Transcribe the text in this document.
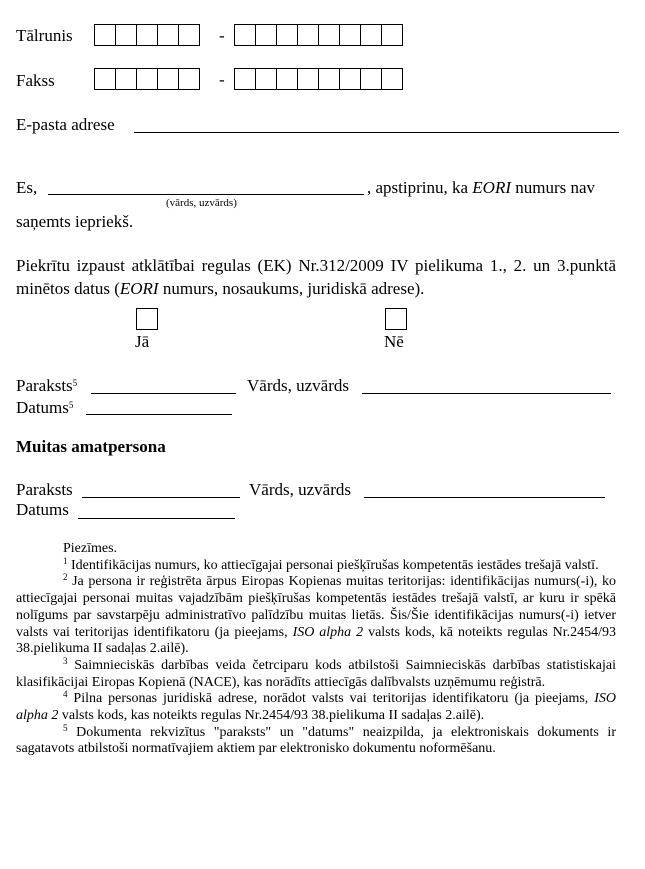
Tālrunis	-
Fakss	-
E-pasta adrese
Es,
(vārds, uzvārds)
, apstiprinu, ka EORI numurs nav
saņemts iepriekš.
Piekrītu izpaust atklātībai regulas (EK) Nr.312/2009 IV pielikuma 1., 2. un 3.punktā minētos datus (EORI numurs, nosaukums, juridiskā adrese).
Jā	Nē
Paraksts$^5$	Vārds, uzvārds
Datums$^5$
Muitas amatpersona
Paraksts	Vārds, uzvārds
Datums

Piezīmes.

$^1$ Identifikācijas numurs, ko attiecīgajai personai piešķīrušas kompetentās iestādes trešajā valstī.

$^2$ Ja persona ir reģistrēta ārpus Eiropas Kopienas muitas teritorijas: identifikācijas numurs(-i), ko attiecīgajai personai muitas vajadzībām piešķīrušas kompetentās iestādes trešajā valstī, ar kuru ir spēkā nolīgums par savstarpēju administratīvo palīdzību muitas lietās. Šis/Šie identifikācijas numurs(-i) ietver valsts vai teritorijas identifikatoru (ja pieejams, ISO alpha 2 valsts kods, kā noteikts regulas Nr.2454/93 38.pielikuma II sadaļas 2.ailē).

$^3$ Saimnieciskās darbības veida četrciparu kods atbilstoši Saimnieciskās darbības statistiskajai klasifikācijai Eiropas Kopienā (NACE), kas norādīts attiecīgās dalībvalsts uzņēmumu reģistrā.

$^4$ Pilna personas juridiskā adrese, norādot valsts vai teritorijas identifikatoru (ja pieejams, ISO alpha 2 valsts kods, kas noteikts regulas Nr.2454/93 38.pielikuma II sadaļas 2.ailē).

$^5$ Dokumenta rekvizītus "paraksts" un "datums" neaizpilda, ja elektroniskais dokuments ir sagatavots atbilstoši normatīvajiem aktiem par elektronisko dokumentu noformēšanu.
